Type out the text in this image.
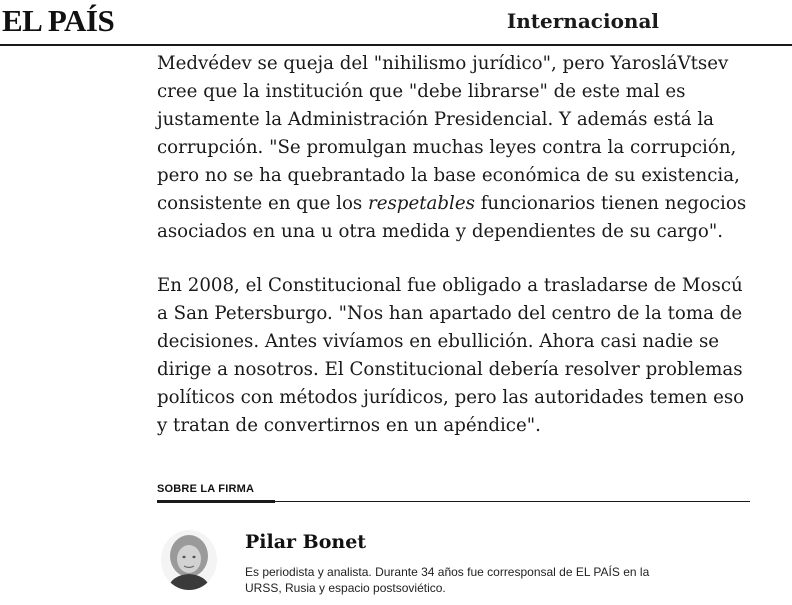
EL PAÍS	Internacional

Medvédev se queja del "nihilismo jurídico", pero YarosláVtsev cree que la institución que "debe librarse" de este mal es justamente la Administración Presidencial. Y además está la corrupción. "Se promulgan muchas leyes contra la corrupción, pero no se ha quebrantado la base económica de su existencia, consistente en que los respetables funcionarios tienen negocios asociados en una u otra medida y dependientes de su cargo".

En 2008, el Constitucional fue obligado a trasladarse de Moscú a San Petersburgo. "Nos han apartado del centro de la toma de decisiones. Antes vivíamos en ebullición. Ahora casi nadie se dirige a nosotros. El Constitucional debería resolver problemas políticos con métodos jurídicos, pero las autoridades temen eso y tratan de convertirnos en un apéndice".

SOBRE LA FIRMA
Pilar Bonet
Es periodista y analista. Durante 34 años fue corresponsal de EL PAÍS en la URSS, Rusia y espacio postsoviético.
